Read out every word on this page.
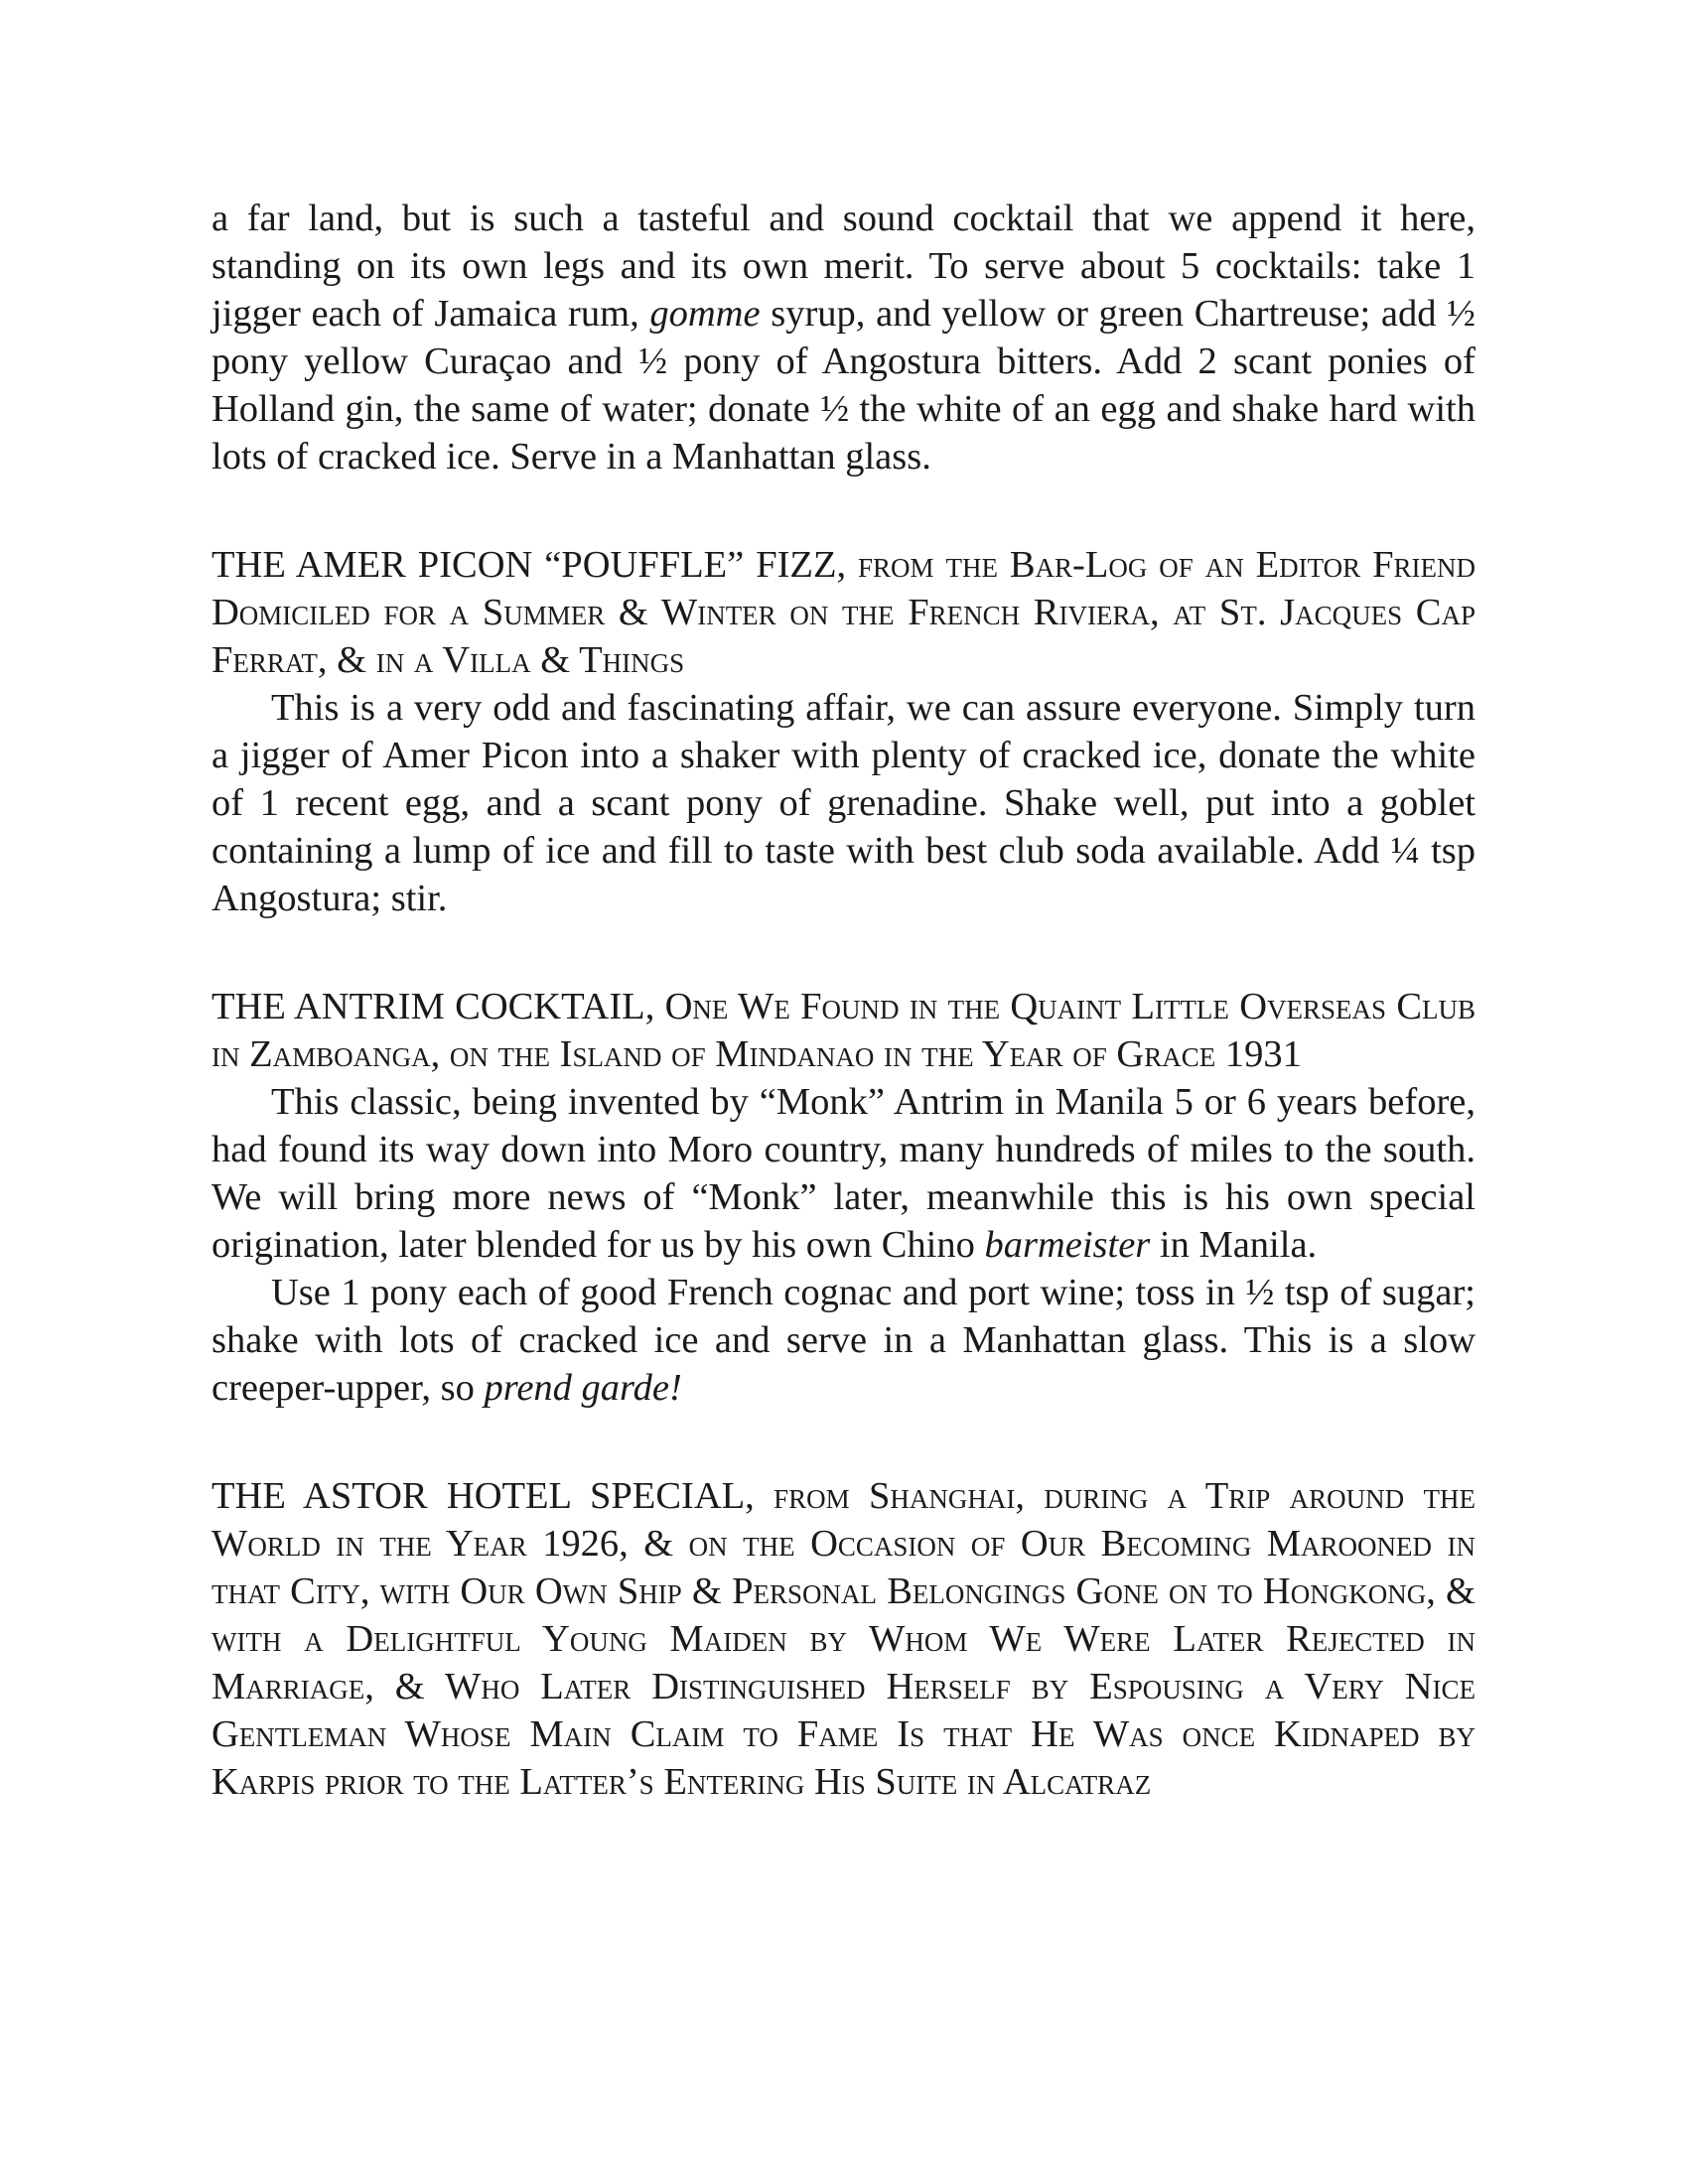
a far land, but is such a tasteful and sound cocktail that we append it here, standing on its own legs and its own merit. To serve about 5 cocktails: take 1 jigger each of Jamaica rum, gomme syrup, and yellow or green Chartreuse; add ½ pony yellow Curaçao and ½ pony of Angostura bitters. Add 2 scant ponies of Holland gin, the same of water; donate ½ the white of an egg and shake hard with lots of cracked ice. Serve in a Manhattan glass.

THE AMER PICON “POUFFLE” FIZZ, from the Bar-Log of an Editor Friend Domiciled for a Summer & Winter on the French Riviera, at St. Jacques Cap Ferrat, & in a Villa & Things

This is a very odd and fascinating affair, we can assure everyone. Simply turn a jigger of Amer Picon into a shaker with plenty of cracked ice, donate the white of 1 recent egg, and a scant pony of grenadine. Shake well, put into a goblet containing a lump of ice and fill to taste with best club soda available. Add ¼ tsp Angostura; stir.

THE ANTRIM COCKTAIL, One We Found in the Quaint Little Overseas Club in Zamboanga, on the Island of Mindanao in the Year of Grace 1931

This classic, being invented by “Monk” Antrim in Manila 5 or 6 years before, had found its way down into Moro country, many hundreds of miles to the south. We will bring more news of “Monk” later, meanwhile this is his own special origination, later blended for us by his own Chino barmeister in Manila.

Use 1 pony each of good French cognac and port wine; toss in ½ tsp of sugar; shake with lots of cracked ice and serve in a Manhattan glass. This is a slow creeper-upper, so prend garde!

THE ASTOR HOTEL SPECIAL, from Shanghai, during a Trip around the World in the Year 1926, & on the Occasion of Our Becoming Marooned in that City, with Our Own Ship & Personal Belongings Gone on to Hongkong, & with a Delightful Young Maiden by Whom We Were Later Rejected in Marriage, & Who Later Distinguished Herself by Espousing a Very Nice Gentleman Whose Main Claim to Fame Is that He Was once Kidnaped by Karpis prior to the Latter’s Entering His Suite in Alcatraz
